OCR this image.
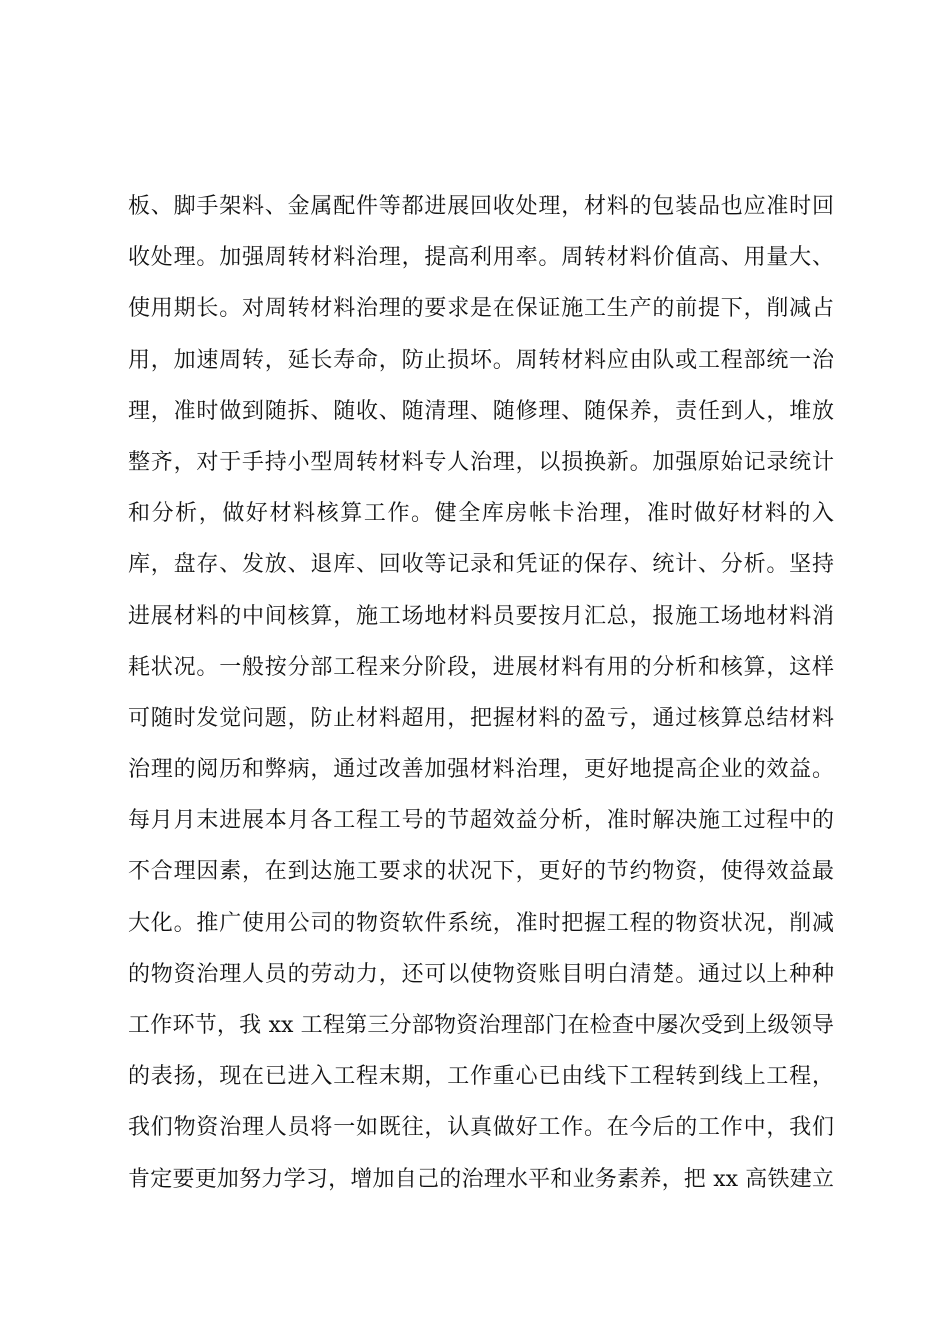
板、脚手架料、金属配件等都进展回收处理，材料的包装品也应准时回
收处理。加强周转材料治理，提高利用率。周转材料价值高、用量大、
使用期长。对周转材料治理的要求是在保证施工生产的前提下，削减占
用，加速周转，延长寿命，防止损坏。周转材料应由队或工程部统一治
理，准时做到随拆、随收、随清理、随修理、随保养，责任到人，堆放
整齐，对于手持小型周转材料专人治理，以损换新。加强原始记录统计
和分析，做好材料核算工作。健全库房帐卡治理，准时做好材料的入
库，盘存、发放、退库、回收等记录和凭证的保存、统计、分析。坚持
进展材料的中间核算，施工场地材料员要按月汇总，报施工场地材料消
耗状况。一般按分部工程来分阶段，进展材料有用的分析和核算，这样
可随时发觉问题，防止材料超用，把握材料的盈亏，通过核算总结材料
治理的阅历和弊病，通过改善加强材料治理，更好地提高企业的效益。
每月月末进展本月各工程工号的节超效益分析，准时解决施工过程中的
不合理因素，在到达施工要求的状况下，更好的节约物资，使得效益最
大化。推广使用公司的物资软件系统，准时把握工程的物资状况，削减
的物资治理人员的劳动力，还可以使物资账目明白清楚。通过以上种种
工作环节，我 xx 工程第三分部物资治理部门在检查中屡次受到上级领导
的表扬，现在已进入工程末期，工作重心已由线下工程转到线上工程，
我们物资治理人员将一如既往，认真做好工作。在今后的工作中，我们
肯定要更加努力学习，增加自己的治理水平和业务素养，把 xx 高铁建立
